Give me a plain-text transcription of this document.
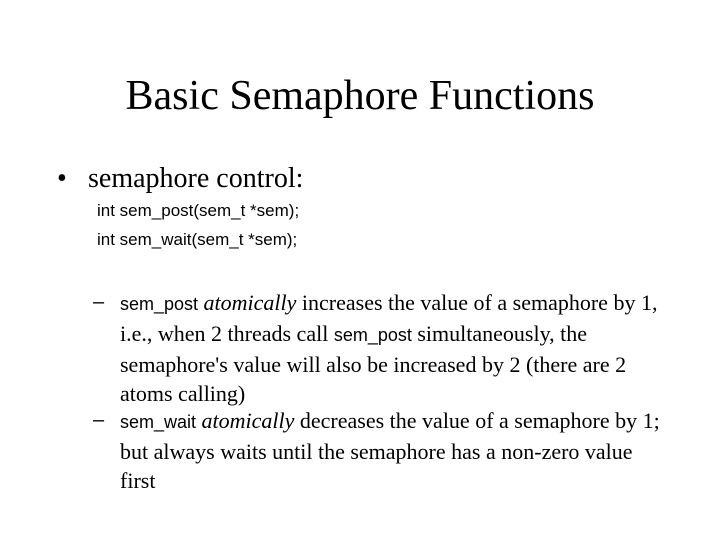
Basic Semaphore Functions
• semaphore control:
int sem_post(sem_t *sem);
int sem_wait(sem_t *sem);
– sem_post atomically increases the value of a semaphore by 1, i.e., when 2 threads call sem_post simultaneously, the semaphore's value will also be increased by 2 (there are 2 atoms calling)
– sem_wait atomically decreases the value of a semaphore by 1; but always waits until the semaphore has a non-zero value first
